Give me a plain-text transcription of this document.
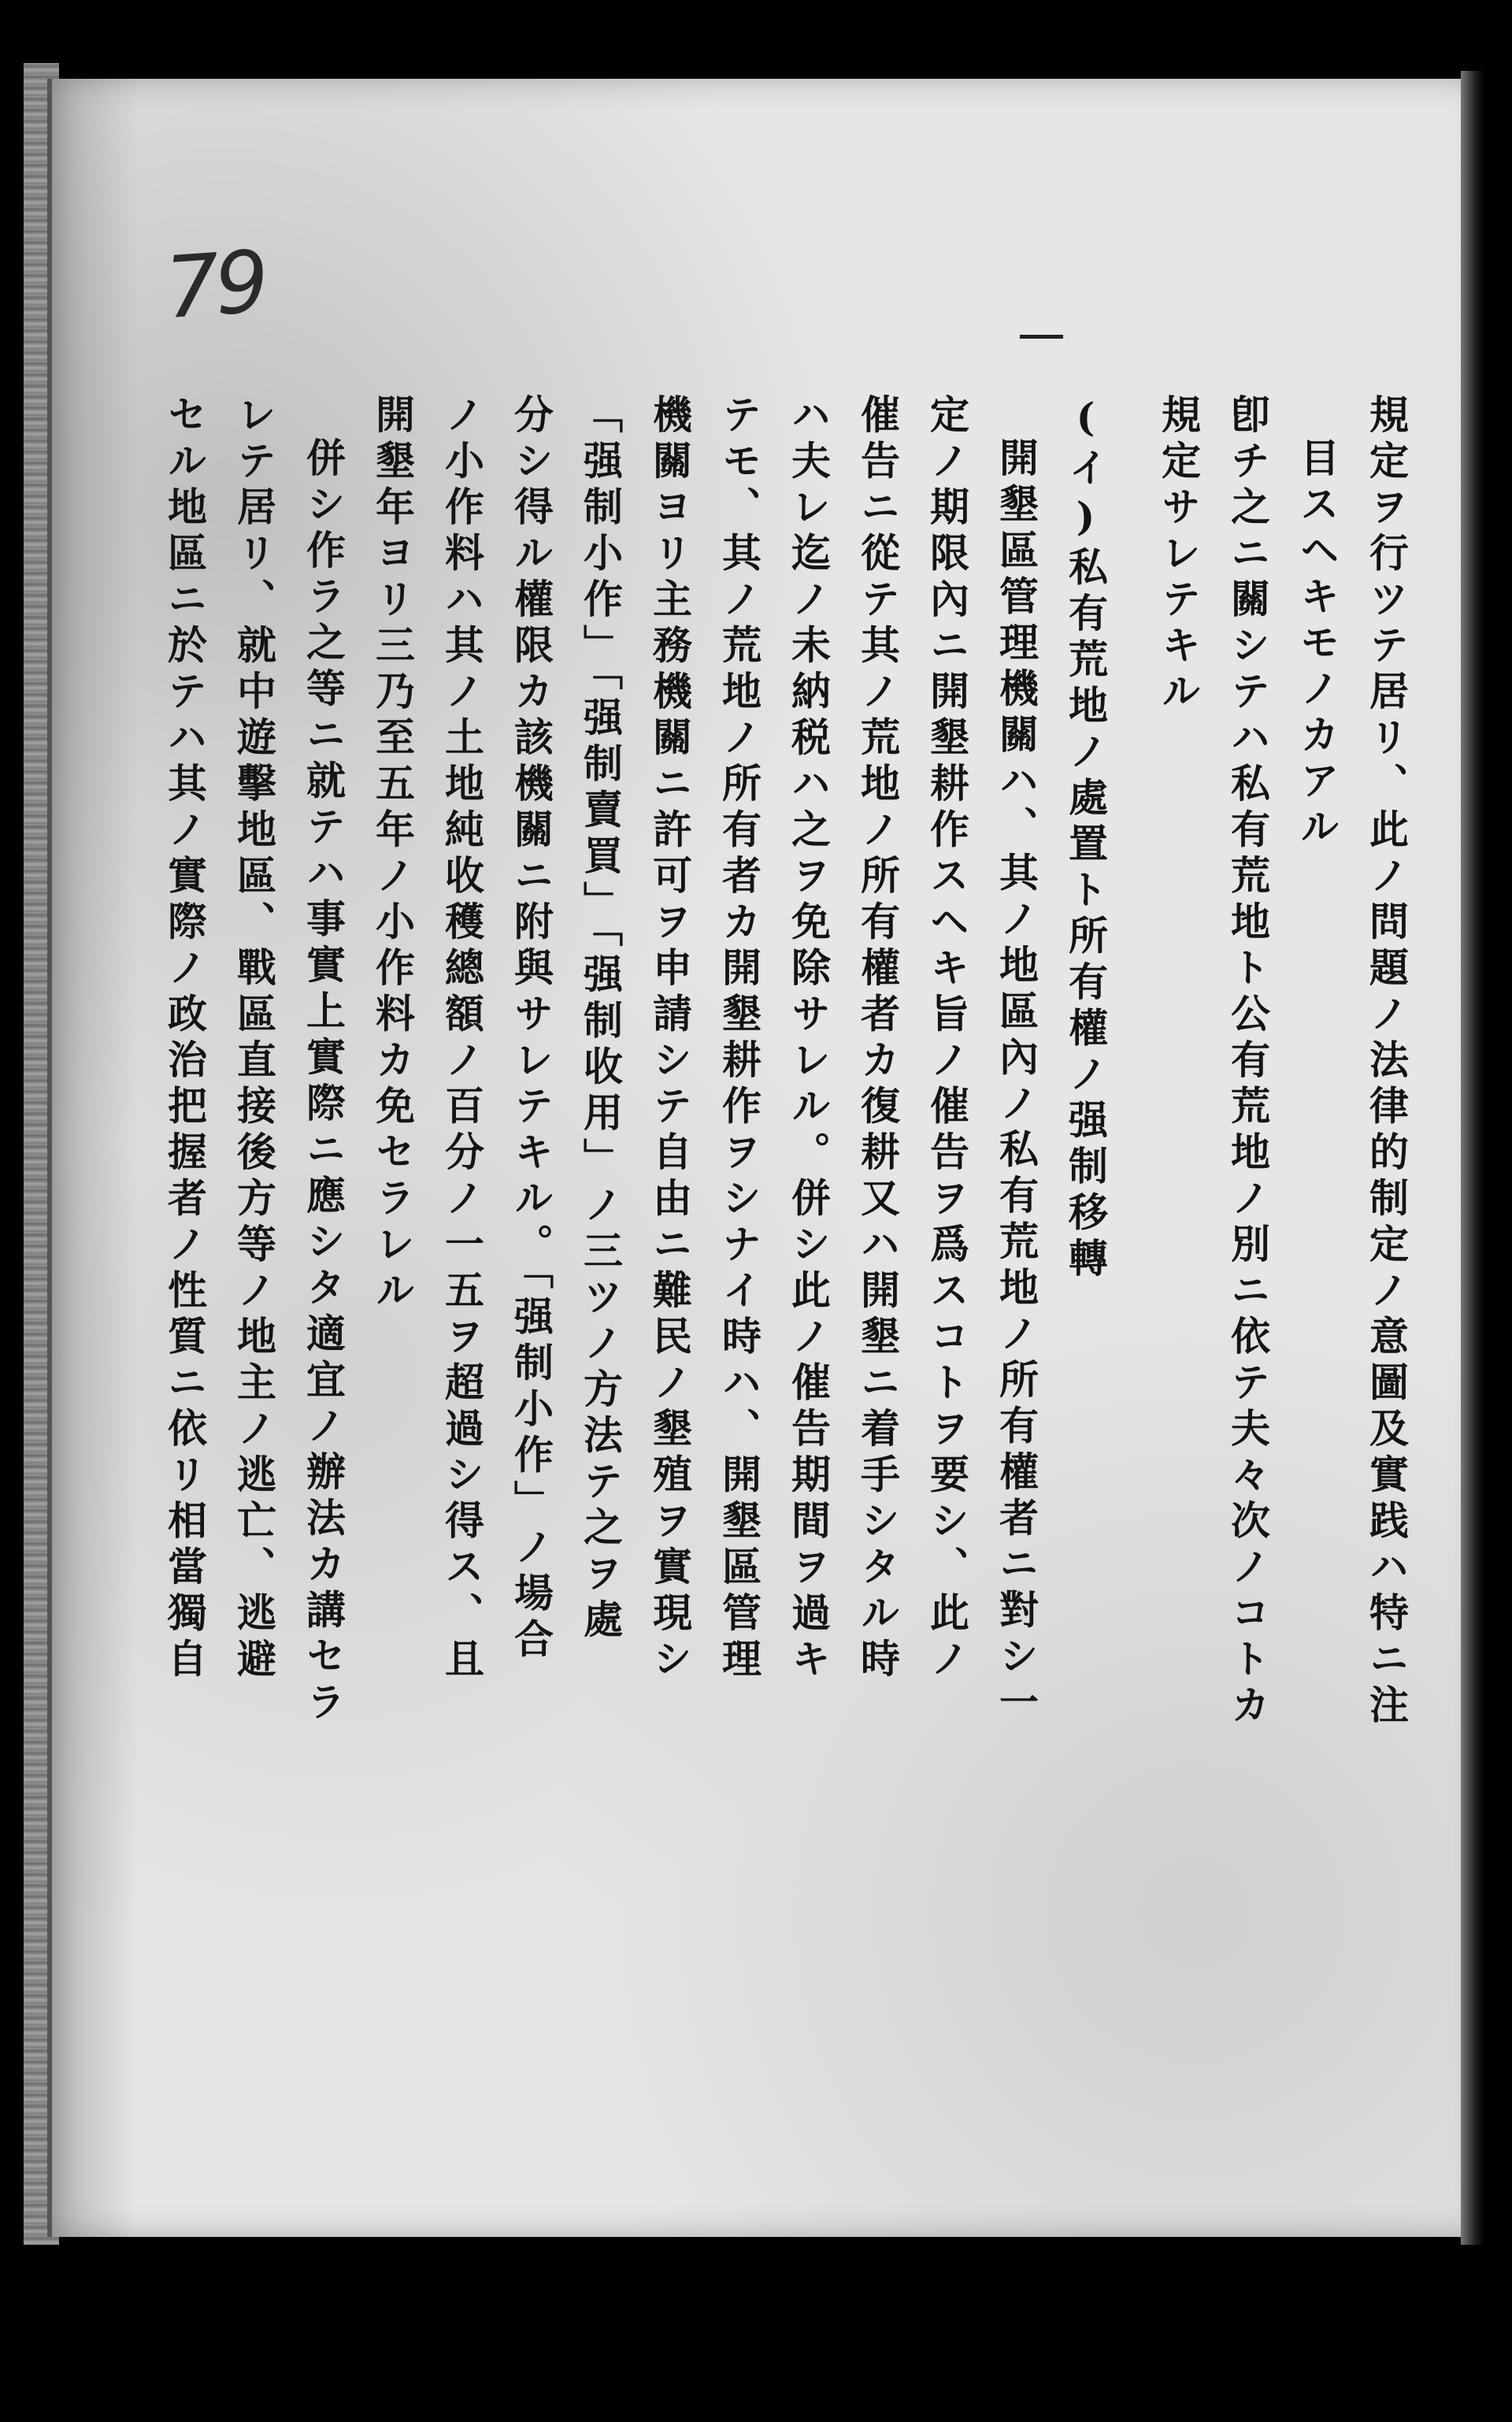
79
規定ヲ行ツテ居リ、此ノ問題ノ法律的制定ノ意圖及實践ハ特ニ注
目スヘキモノカアル
卽チ之ニ關シテハ私有荒地ト公有荒地ノ別ニ依テ夫々次ノコトカ
規定サレテキル
(イ)私有荒地ノ處置ト所有權ノ强制移轉
開墾區管理機關ハ、其ノ地區內ノ私有荒地ノ所有權者ニ對シ一
定ノ期限內ニ開墾耕作スヘキ旨ノ催告ヲ爲スコトヲ要シ、此ノ
催告ニ從テ其ノ荒地ノ所有權者カ復耕又ハ開墾ニ着手シタル時
ハ夫レ迄ノ未納税ハ之ヲ免除サレル。併シ此ノ催告期間ヲ過キ
テモ、其ノ荒地ノ所有者カ開墾耕作ヲシナイ時ハ、開墾區管理
機關ヨリ主務機關ニ許可ヲ申請シテ自由ニ難民ノ墾殖ヲ實現シ
「强制小作」「强制賣買」「强制收用」ノ三ツノ方法テ之ヲ處
分シ得ル權限カ該機關ニ附與サレテキル。「强制小作」ノ場合
ノ小作料ハ其ノ土地純收穫總額ノ百分ノ一五ヲ超過シ得ス、且
開墾年ヨリ三乃至五年ノ小作料カ免セラレル
併シ作ラ之等ニ就テハ事實上實際ニ應シタ適宜ノ辦法カ講セラ
レテ居リ、就中遊擊地區、戰區直接後方等ノ地主ノ逃亡、逃避
セル地區ニ於テハ其ノ實際ノ政治把握者ノ性質ニ依リ相當獨自
